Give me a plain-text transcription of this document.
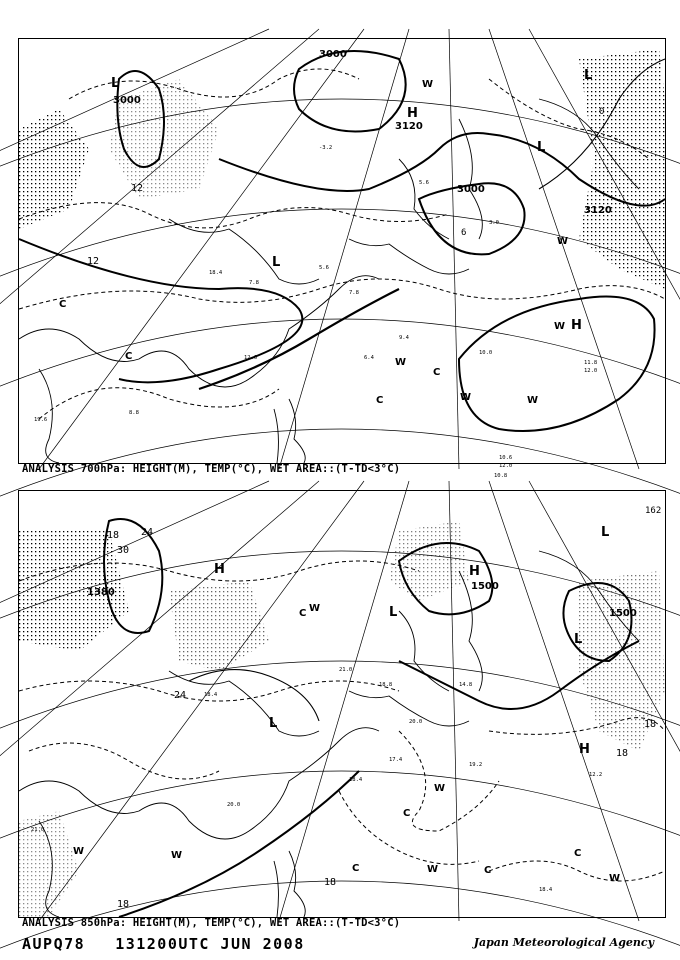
18.4
7.8
5.6
7.8
9.4
6.4
10.8
10.0
19.6
8.8
12.0
5.6
3.0
-3.2
10.6
12.0
11.8
12.0
3000
3120
3000
3000
3120
12
12
6
0
L
H
L
H
L
L
C
C
W
C
W	W
W
C
W
W
ANALYSIS 700hPa: HEIGHT(M), TEMP(°C), WET AREA::(T-TD<3°C)
18.4
21.0
18.8
20.0
17.4
19.2
12.2
18.4
20.0
21.0
18.4
14.8
1500
1500
1380
18 24
30
24
18
18
18
18
162
H	H
L
L
H
L
L
W
C
C
W
W
W
C	C
W
W
C
ANALYSIS 850hPa: HEIGHT(M), TEMP(°C), WET AREA::(T-TD<3°C)
AUPQ78 131200UTC JUN 2008	Japan Meteorological Agency
